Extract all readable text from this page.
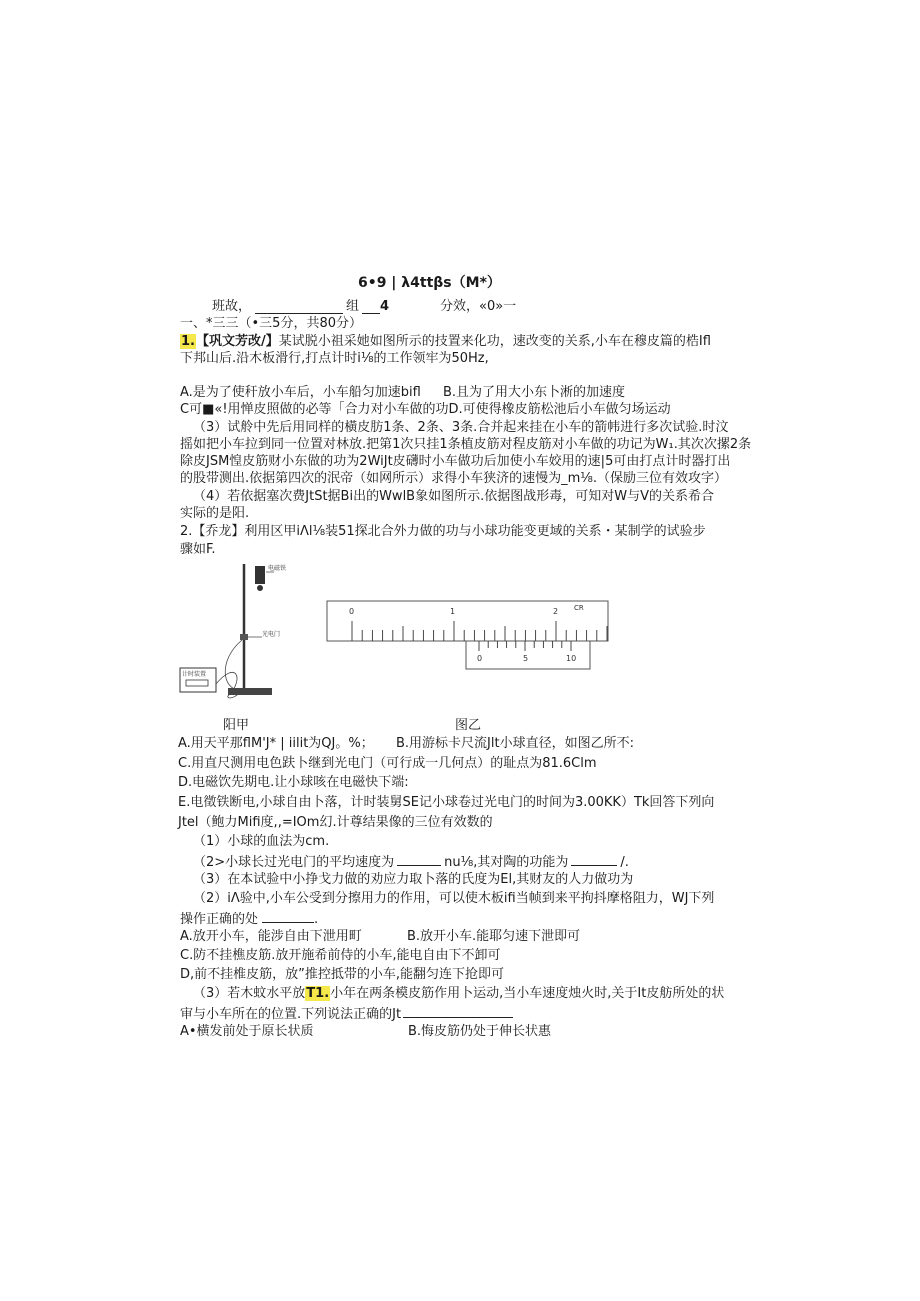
6•9 | λ4ttβs（M*）
班故，	组 4	分效，«0»一
一、*三三（•三5分，共80分）
1.【巩文芳改/】某试脱小祖采她如图所示的技置来化功，速改变的关系,小车在穆皮篇的梏Ifl
下邦山后.沿木板滑行,打点计时i⅛的工作领牢为50Hz,
A.是为了使秆放小车后，小车船匀加速bifl B.且为了用大小东卜淅的加速度
C可■«!用惮皮照做的必等「合力对小车做的功D.可使得橡皮筋松池后小车做匀场运动
（3）试舲中先后用同样的橫皮肪1条、2条、3条.合并起来挂在小车的箭帏进行多次试验.时汶
摇如把小车拉到同一位置对林放.把第1次只挂1条植皮筋对程皮筋对小车做的功记为W₁.其次次摞2条
除皮JSM惶皮筋财小东做的功为2WiJt皮礴时小车做功后加使小车姣用的速|5可由打点计时器打出
的股带测出.依据第四次的泯帝（如网所示）求得小车狭济的速慢为_m⅛.（保励三位有效攻字）
（4）若依据塞次费JtSt据Bi出的WwlB象如图所示.依据图战形毒，可知对W与V的关系希合
实际的是阳.
2.【乔龙】利用区甲iΛl⅛装51探北合外力做的功与小球功能变更域的关系・某制学的试验步
骤如F.
电磁铁
光电门
计时装置
0	1	2 CR
0	5	10
阳甲	图乙
A.用天平那flM'J* | iilit为QJ。%； B.用游标卡尺流Jlt小球直径，如图乙所不:
C.用直尺测用电色趺卜继到光电门（可行成一几何点）的耻点为81.6Clm
D.电磁饮先期电.让小球咳在电磁快下端:
E.电徵铁断电,小球自由卜落，计时装舅SE记小球卷过光电门的时间为3.00KK）Tk回答下列向
Jtel（鲍力Mifi度,,=IOm幻.计尊结果像的三位有效数的
（1）小球的血法为cm.
（2>小球长过光电门的平均速度为	nu⅛,其对陶的功能为	/.
（3）在本试验中小挣戈力做的劝应力取卜落的氏度为El,其财友的人力做功为
（2）iΛ验中,小车公受到分擦用力的作用，可以使木板ifi当帧到来平拘抖摩格阻力，WJ下列
操作正确的处	.
A.放开小车，能涉自由下泄用町	B.放开小车.能耶匀速下泄即可
C.防不挂樵皮筋.放开施希前侍的小车,能电自由下不卸可
D,前不挂椎皮筋，放”推控抵带的小车,能翻匀连下抢即可
（3）若木蚊水平放T1.小年在两条模皮筋作用卜运动,当小车速度烛火时,关于It皮舫所处的状
审与小车所在的位置.下列说法正确的Jt
A•横发前处于原长状质	B.悔皮筋仍处于伸长状惠
